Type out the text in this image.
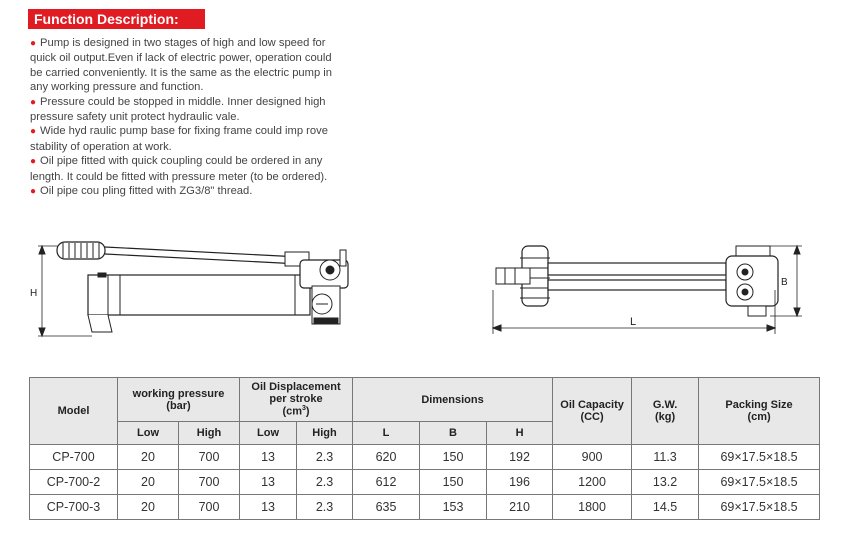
Function Description:

● Pump is designed in two stages of high and low speed for

quick oil output.Even if lack of electric power, operation could

be carried conveniently. It is the same as the electric pump in

any working pressure and function.

● Pressure could be stopped in middle. Inner designed high

pressure safety unit protect hydraulic vale.

● Wide hyd raulic pump base for fixing frame could imp rove

stability of operation at work.

● Oil pipe fitted with quick coupling could be ordered in any

length. It could be fitted with pressure meter (to be ordered).

● Oil pipe cou pling fitted with ZG3/8" thread.

H
B
L
Model	working pressure
(bar)		Oil Displacement
per stroke
$(cm^3)$		Dimensions			Oil Capacity
(CC)	G.W.
(kg)	Packing Size
(cm)
	Low	High	Low	High	L	B	H			
CP-700	20	700	13	2.3	620	150	192	900	11.3	69×17.5×18.5
CP-700-2	20	700	13	2.3	612	150	196	1200	13.2	69×17.5×18.5
CP-700-3	20	700	13	2.3	635	153	210	1800	14.5	69×17.5×18.5
